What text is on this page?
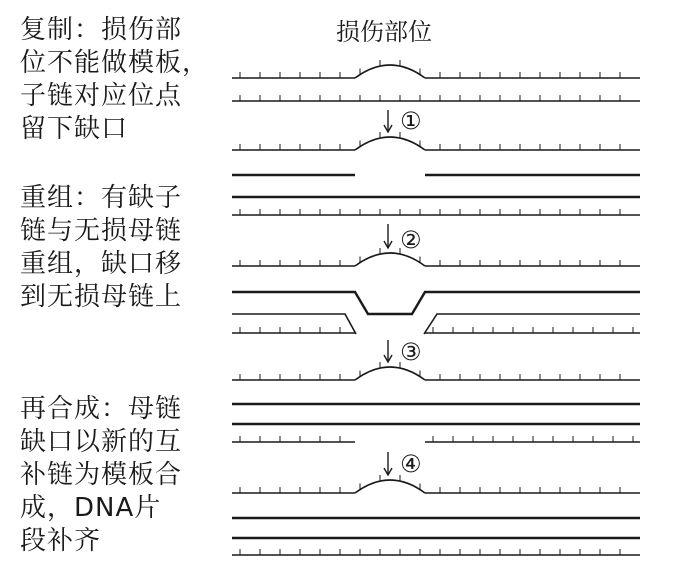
复制：损伤部
位不能做模板，
子链对应位点
留下缺口
重组：有缺子
链与无损母链
重组，缺口移
到无损母链上
再合成：母链
缺口以新的互
补链为模板合
成，DNA片
段补齐
损伤部位
①
②
③
④
